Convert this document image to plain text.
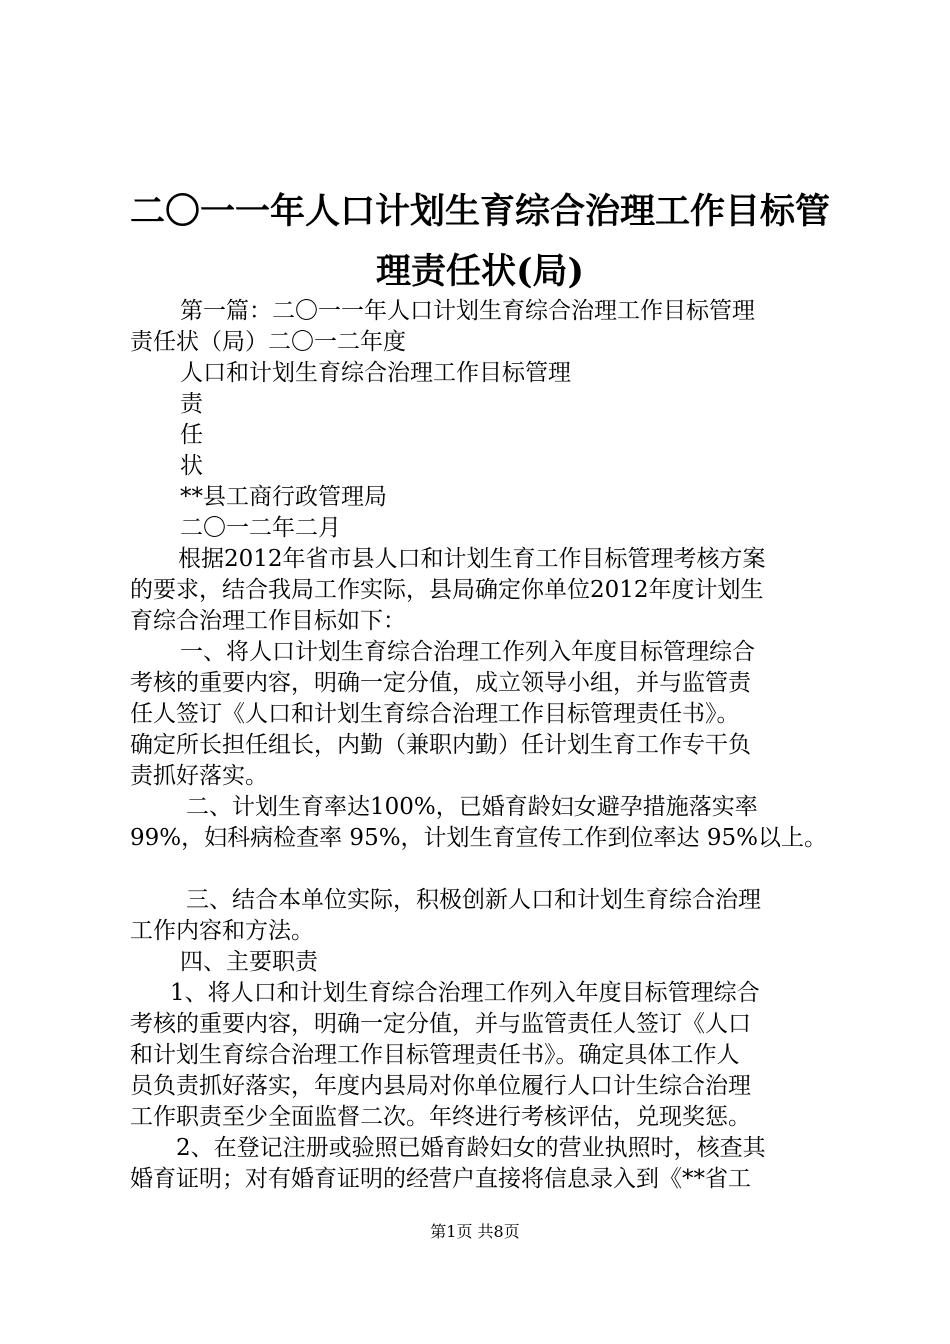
二〇一一年人口计划生育综合治理工作目标管
理责任状(局)

第一篇：二〇一一年人口计划生育综合治理工作目标管理

责任状（局）二〇一二年度

人口和计划生育综合治理工作目标管理

责

任

状

**县工商行政管理局

二〇一二年二月

根据2012年省市县人口和计划生育工作目标管理考核方案

的要求，结合我局工作实际，县局确定你单位2012年度计划生

育综合治理工作目标如下：

一、将人口计划生育综合治理工作列入年度目标管理综合

考核的重要内容，明确一定分值，成立领导小组，并与监管责

任人签订《人口和计划生育综合治理工作目标管理责任书》。

确定所长担任组长，内勤（兼职内勤）任计划生育工作专干负

责抓好落实。

二、计划生育率达100%，已婚育龄妇女避孕措施落实率

99%，妇科病检查率 95%，计划生育宣传工作到位率达 95%以上。

三、结合本单位实际，积极创新人口和计划生育综合治理

工作内容和方法。

四、主要职责

1、将人口和计划生育综合治理工作列入年度目标管理综合

考核的重要内容，明确一定分值，并与监管责任人签订《人口

和计划生育综合治理工作目标管理责任书》。确定具体工作人

员负责抓好落实，年度内县局对你单位履行人口计生综合治理

工作职责至少全面监督二次。年终进行考核评估，兑现奖惩。

2、在登记注册或验照已婚育龄妇女的营业执照时，核查其

婚育证明；对有婚育证明的经营户直接将信息录入到《**省工

第1页 共8页
